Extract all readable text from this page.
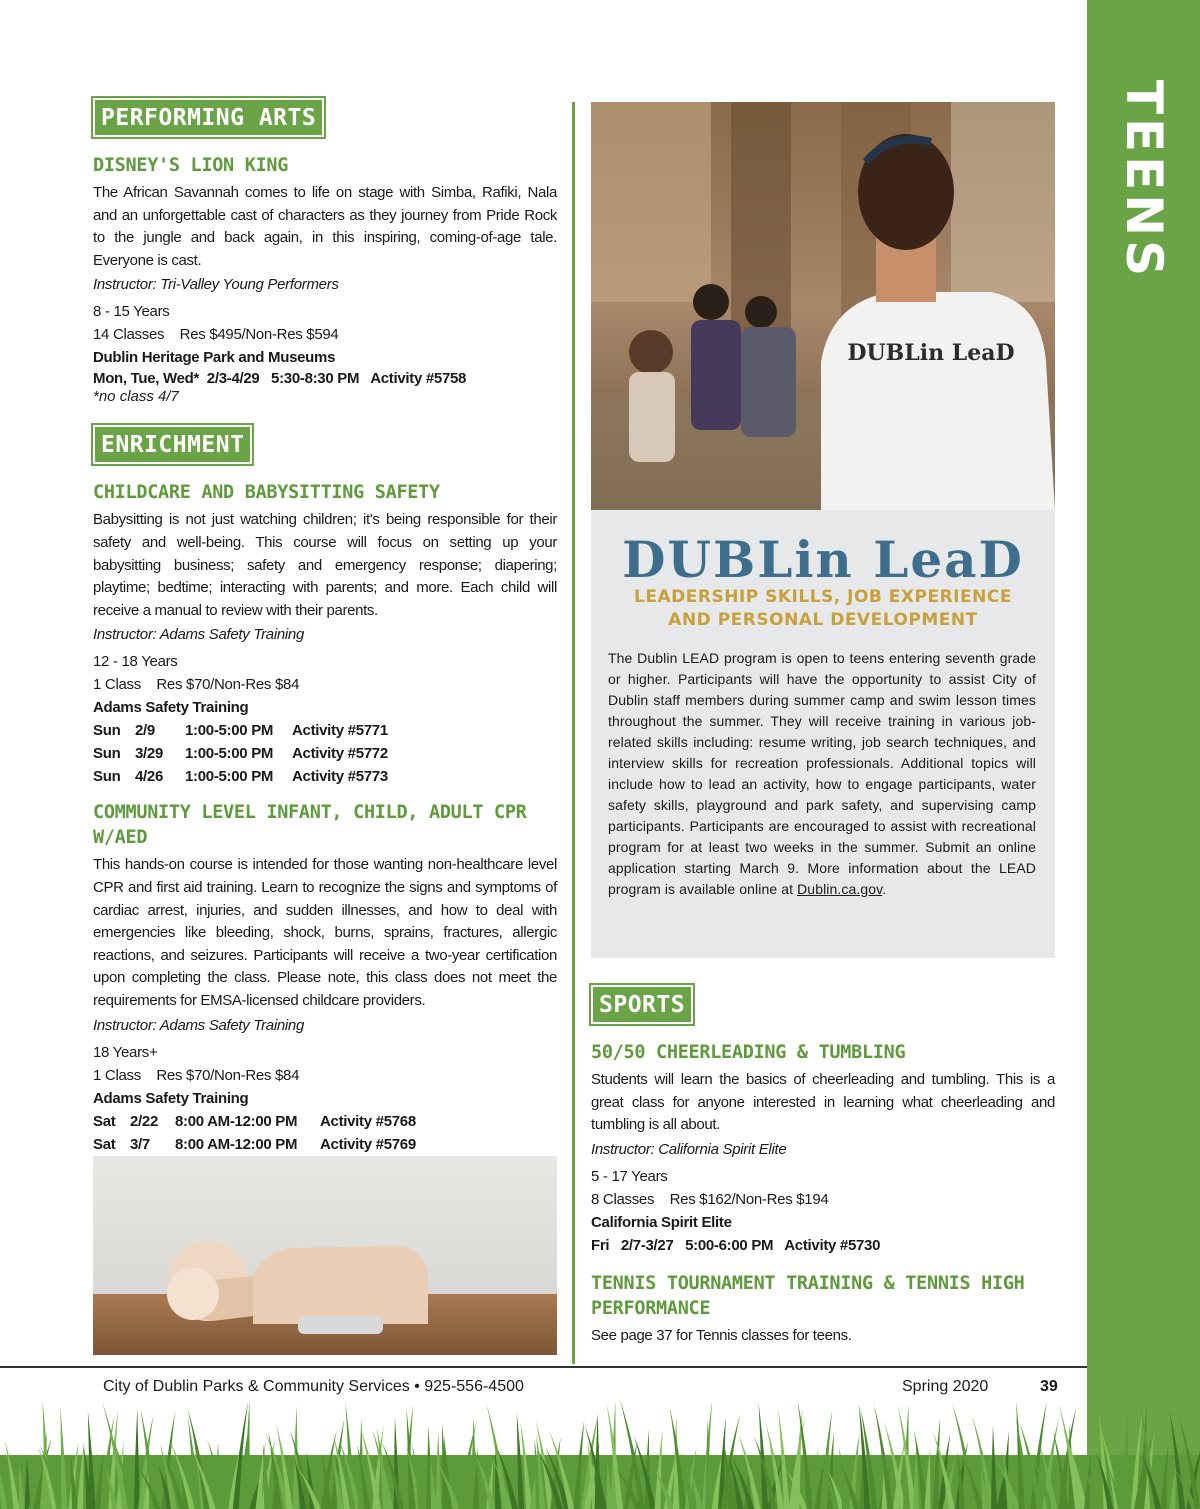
TEENS
PERFORMING ARTS
DISNEY'S LION KING

The African Savannah comes to life on stage with Simba, Rafiki, Nala and an unforgettable cast of characters as they journey from Pride Rock to the jungle and back again, in this inspiring, coming-of-age tale. Everyone is cast.

Instructor: Tri-Valley Young Performers
8 - 15 Years
14 Classes    Res $495/Non-Res $594
Dublin Heritage Park and Museums
Mon, Tue, Wed*  2/3-4/29   5:30-8:30 PM   Activity #5758
*no class 4/7
ENRICHMENT
CHILDCARE AND BABYSITTING SAFETY

Babysitting is not just watching children; it's being responsible for their safety and well-being. This course will focus on setting up your babysitting business; safety and emergency response; diapering; playtime; bedtime; interacting with parents; and more. Each child will receive a manual to review with their parents.

Instructor: Adams Safety Training
12 - 18 Years
1 Class    Res $70/Non-Res $84
Adams Safety Training
Sun 2/9 1:00-5:00 PM Activity #5771
Sun 3/29 1:00-5:00 PM Activity #5772
Sun 4/26 1:00-5:00 PM Activity #5773
COMMUNITY LEVEL INFANT, CHILD, ADULT CPR W/AED

This hands-on course is intended for those wanting non-healthcare level CPR and first aid training. Learn to recognize the signs and symptoms of cardiac arrest, injuries, and sudden illnesses, and how to deal with emergencies like bleeding, shock, burns, sprains, fractures, allergic reactions, and seizures. Participants will receive a two-year certification upon completing the class. Please note, this class does not meet the requirements for EMSA-licensed childcare providers.

Instructor: Adams Safety Training
18 Years+
1 Class    Res $70/Non-Res $84
Adams Safety Training
Sat 2/22 8:00 AM-12:00 PM Activity #5768
Sat 3/7 8:00 AM-12:00 PM Activity #5769
DUBLin LeaD
DUBLin LeaD
LEADERSHIP SKILLS, JOB EXPERIENCE
AND PERSONAL DEVELOPMENT

The Dublin LEAD program is open to teens entering seventh grade or higher. Participants will have the opportunity to assist City of Dublin staff members during summer camp and swim lesson times throughout the summer. They will receive training in various job-related skills including: resume writing, job search techniques, and interview skills for recreation professionals. Additional topics will include how to lead an activity, how to engage participants, water safety skills, playground and park safety, and supervising camp participants. Participants are encouraged to assist with recreational program for at least two weeks in the summer. Submit an online application starting March 9. More information about the LEAD program is available online at Dublin.ca.gov.

SPORTS
50/50 CHEERLEADING & TUMBLING

Students will learn the basics of cheerleading and tumbling. This is a great class for anyone interested in learning what cheerleading and tumbling is all about.

Instructor: California Spirit Elite
5 - 17 Years
8 Classes    Res $162/Non-Res $194
California Spirit Elite
Fri   2/7-3/27   5:00-6:00 PM   Activity #5730
TENNIS TOURNAMENT TRAINING & TENNIS HIGH PERFORMANCE

See page 37 for Tennis classes for teens.

City of Dublin Parks & Community Services • 925-556-4500	Spring 2020	39
